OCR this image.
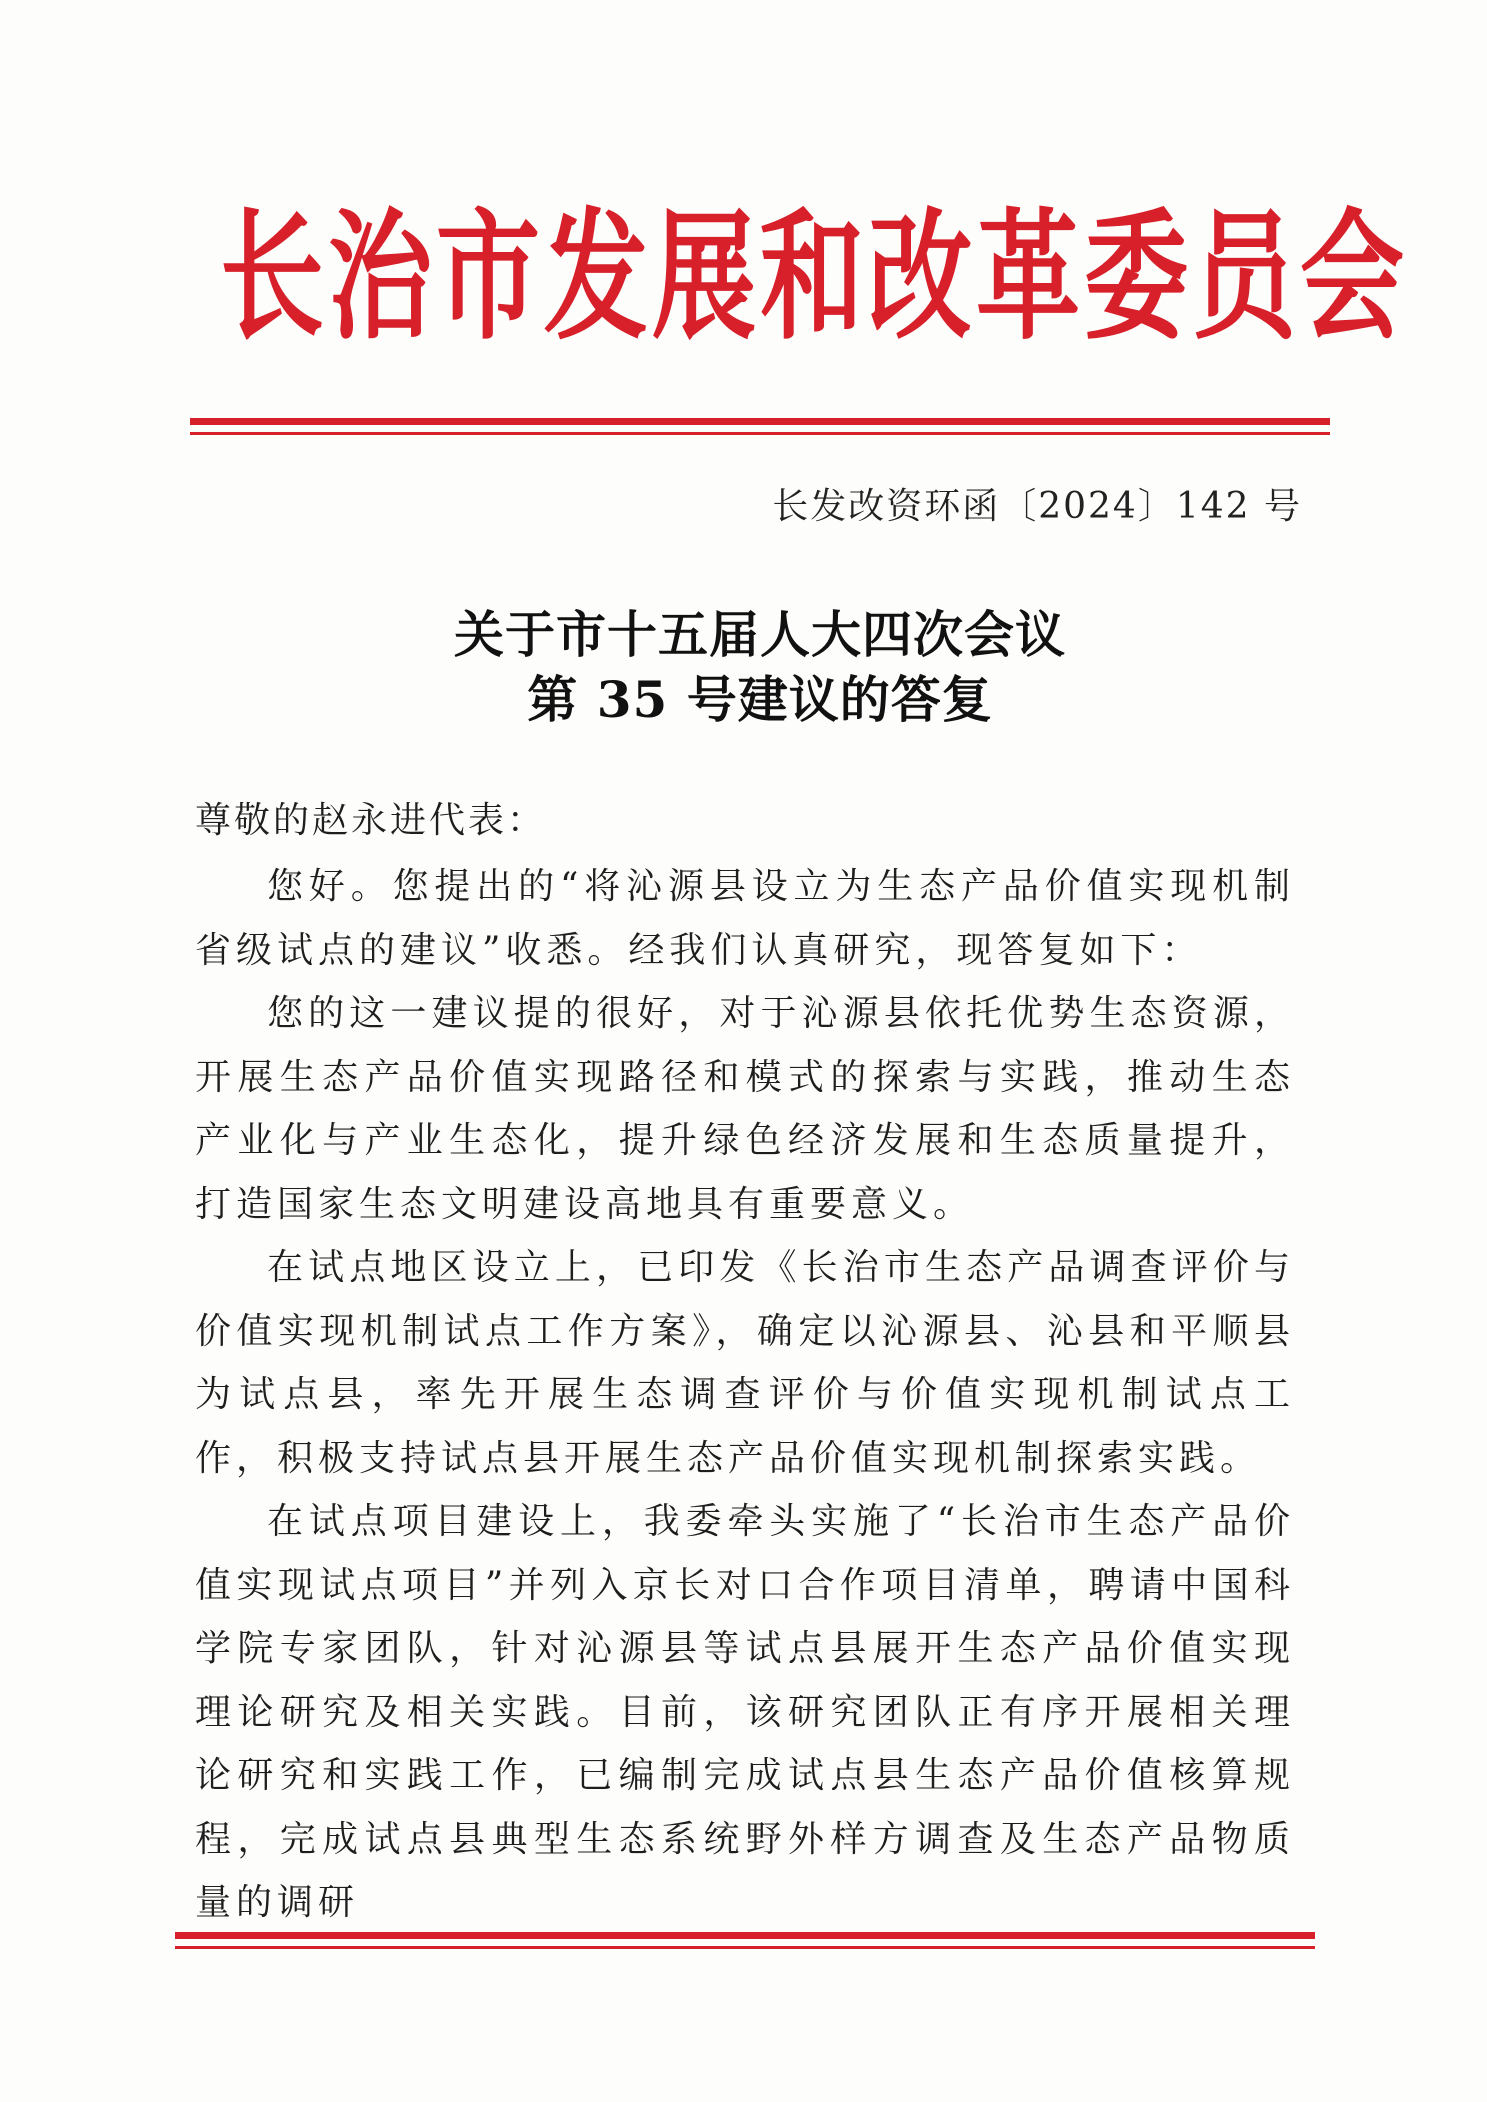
长治市发展和改革委员会
长发改资环函〔2024〕142 号
关于市十五届人大四次会议
第 35 号建议的答复
尊敬的赵永进代表：

您好。您提出的“将沁源县设立为生态产品价值实现机制省级试点的建议”收悉。经我们认真研究，现答复如下：

您的这一建议提的很好，对于沁源县依托优势生态资源，开展生态产品价值实现路径和模式的探索与实践，推动生态产业化与产业生态化，提升绿色经济发展和生态质量提升，打造国家生态文明建设高地具有重要意义。

在试点地区设立上，已印发《长治市生态产品调查评价与价值实现机制试点工作方案》，确定以沁源县、沁县和平顺县为试点县，率先开展生态调查评价与价值实现机制试点工作，积极支持试点县开展生态产品价值实现机制探索实践。

在试点项目建设上，我委牵头实施了“长治市生态产品价值实现试点项目”并列入京长对口合作项目清单，聘请中国科学院专家团队，针对沁源县等试点县展开生态产品价值实现理论研究及相关实践。目前，该研究团队正有序开展相关理论研究和实践工作，已编制完成试点县生态产品价值核算规程，完成试点县典型生态系统野外样方调查及生态产品物质量的调研
